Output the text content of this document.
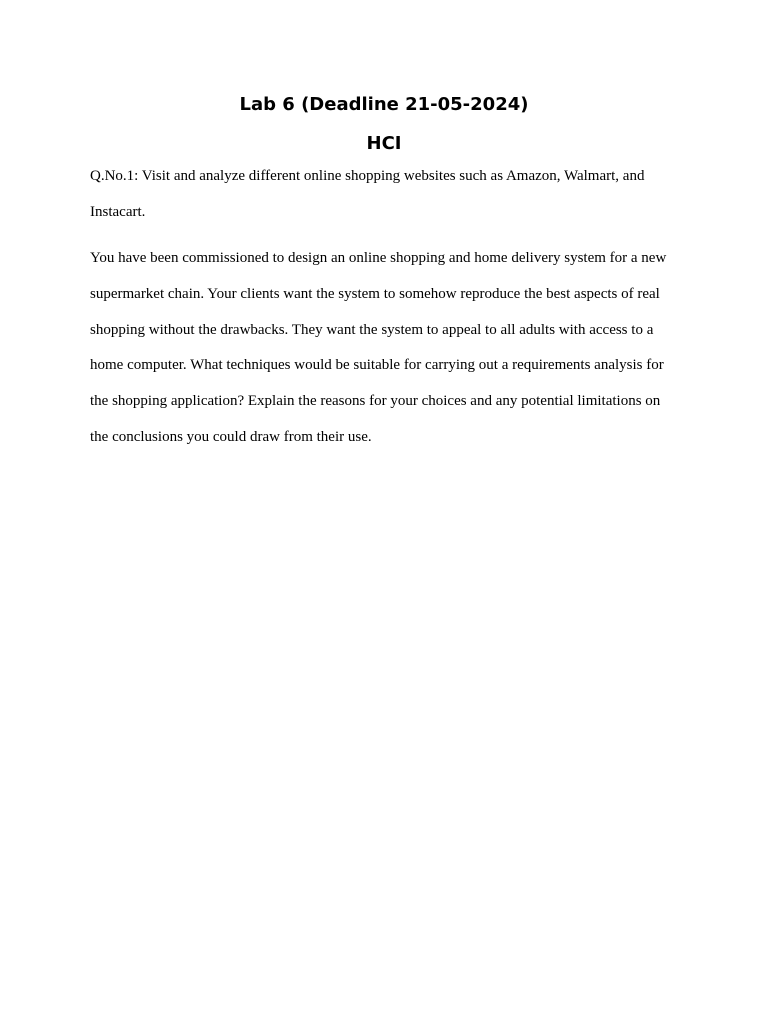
Lab 6 (Deadline 21-05-2024)
HCI

Q.No.1: Visit and analyze different online shopping websites such as Amazon, Walmart, and Instacart.

You have been commissioned to design an online shopping and home delivery system for a new supermarket chain. Your clients want the system to somehow reproduce the best aspects of real shopping without the drawbacks. They want the system to appeal to all adults with access to a home computer. What techniques would be suitable for carrying out a requirements analysis for the shopping application? Explain the reasons for your choices and any potential limitations on the conclusions you could draw from their use.
